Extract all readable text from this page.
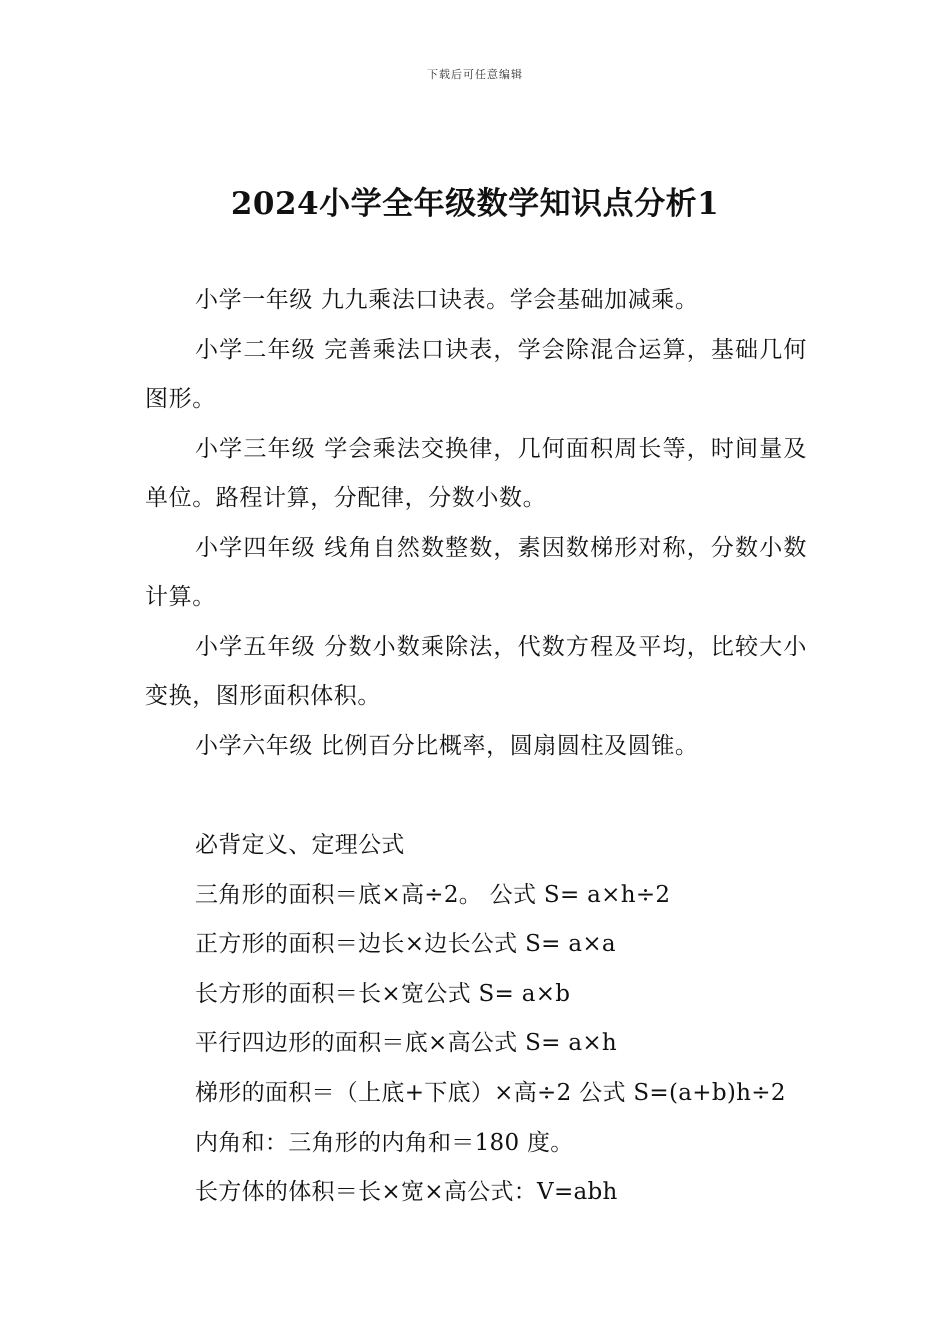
下载后可任意编辑
2024小学全年级数学知识点分析1

小学一年级 九九乘法口诀表。学会基础加减乘。

小学二年级 完善乘法口诀表，学会除混合运算，基础几何图形。

小学三年级 学会乘法交换律，几何面积周长等，时间量及单位。路程计算，分配律，分数小数。

小学四年级 线角自然数整数，素因数梯形对称，分数小数计算。

小学五年级 分数小数乘除法，代数方程及平均，比较大小变换，图形面积体积。

小学六年级 比例百分比概率，圆扇圆柱及圆锥。

必背定义、定理公式

三角形的面积＝底×高÷2。 公式 S= a×h÷2

正方形的面积＝边长×边长公式 S= a×a

长方形的面积＝长×宽公式 S= a×b

平行四边形的面积＝底×高公式 S= a×h

梯形的面积＝（上底+下底）×高÷2 公式 S=(a+b)h÷2

内角和：三角形的内角和＝180 度。

长方体的体积＝长×宽×高公式：V=abh
